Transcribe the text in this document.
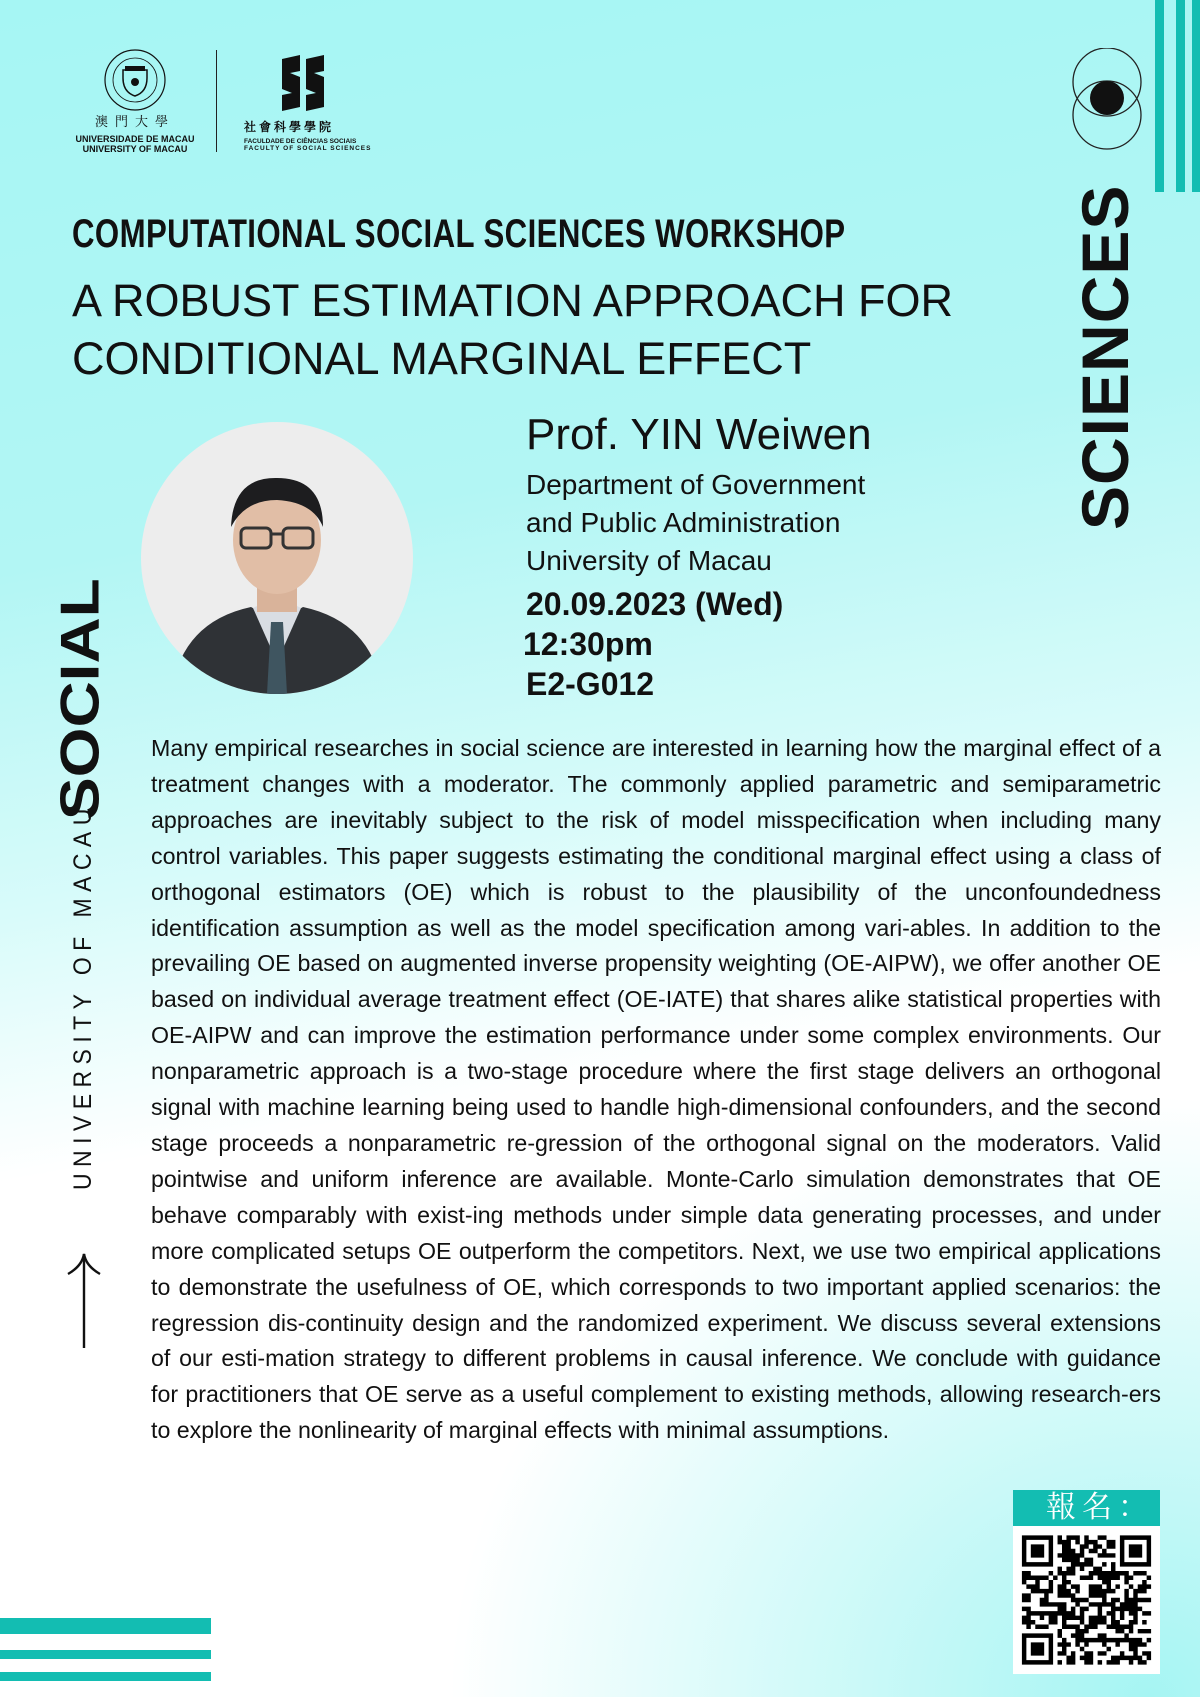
澳門大學
UNIVERSIDADE DE MACAU
UNIVERSITY OF MACAU
社會科學學院
FACULDADE DE CIÊNCIAS SOCIAIS
FACULTY OF SOCIAL SCIENCES
COMPUTATIONAL SOCIAL SCIENCES WORKSHOP
A ROBUST ESTIMATION APPROACH FOR
CONDITIONAL MARGINAL EFFECT
Prof. YIN Weiwen
Department of Government
and Public Administration
University of Macau
20.09.2023 (Wed)
12:30pm
E2-G012
Many empirical researches in social science are interested in learning how the marginal effect of a treatment changes with a moderator. The commonly applied parametric and semiparametric approaches are inevitably subject to the risk of model misspecification when including many control variables. This paper suggests estimating the conditional marginal effect using a class of orthogonal estimators (OE) which is robust to the plausibility of the unconfoundedness identification assumption as well as the model specification among vari-ables. In addition to the prevailing OE based on augmented inverse propensity weighting (OE-AIPW), we offer another OE based on individual average treatment effect (OE-IATE) that shares alike statistical properties with OE-AIPW and can improve the estimation performance under some complex environments. Our nonparametric approach is a two-stage procedure where the first stage delivers an orthogonal signal with machine learning being used to handle high-dimensional confounders, and the second stage proceeds a nonparametric re-gression of the orthogonal signal on the moderators. Valid pointwise and uniform inference are available. Monte-Carlo simulation demonstrates that OE behave comparably with exist-ing methods under simple data generating processes, and under more complicated setups OE outperform the competitors. Next, we use two empirical applications to demonstrate the usefulness of OE, which corresponds to two important applied scenarios: the regression dis-continuity design and the randomized experiment. We discuss several extensions of our esti-mation strategy to different problems in causal inference. We conclude with guidance for practitioners that OE serve as a useful complement to existing methods, allowing research-ers to explore the nonlinearity of marginal effects with minimal assumptions.
SOCIAL
UNIVERSITY OF MACAU
SCIENCES
報名：
